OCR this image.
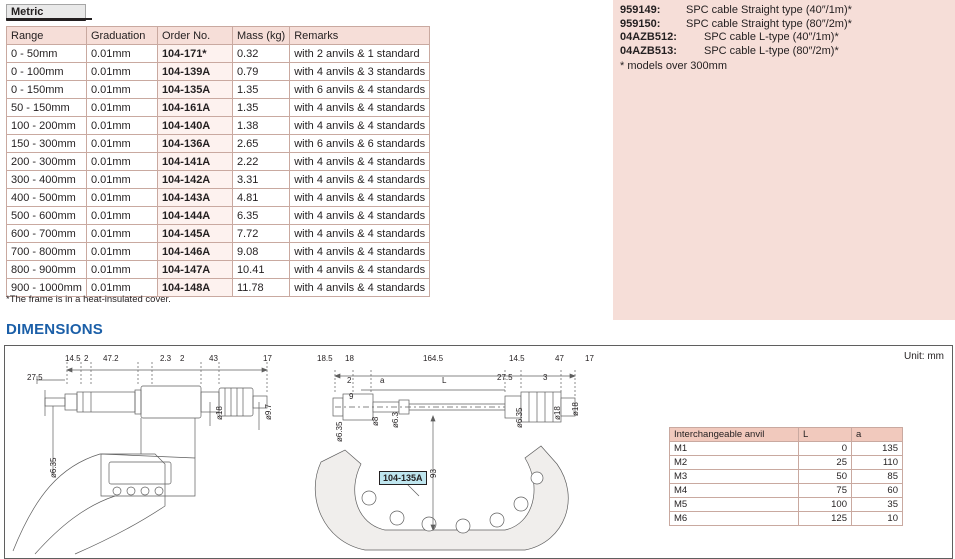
959149:	SPC cable Straight type (40″/1m)*
959150:	SPC cable Straight type (80″/2m)*
04AZB512:	SPC cable L-type (40″/1m)*
04AZB513:	SPC cable L-type (80″/2m)*
* models over 300mm
Metric
Range	Graduation	Order No.	Mass (kg)	Remarks
0 - 50mm	0.01mm	104-171*	0.32	with 2 anvils & 1 standard
0 - 100mm	0.01mm	104-139A	0.79	with 4 anvils & 3 standards
0 - 150mm	0.01mm	104-135A	1.35	with 6 anvils & 4 standards
50 - 150mm	0.01mm	104-161A	1.35	with 4 anvils & 4 standards
100 - 200mm	0.01mm	104-140A	1.38	with 4 anvils & 4 standards
150 - 300mm	0.01mm	104-136A	2.65	with 6 anvils & 6 standards
200 - 300mm	0.01mm	104-141A	2.22	with 4 anvils & 4 standards
300 - 400mm	0.01mm	104-142A	3.31	with 4 anvils & 4 standards
400 - 500mm	0.01mm	104-143A	4.81	with 4 anvils & 4 standards
500 - 600mm	0.01mm	104-144A	6.35	with 4 anvils & 4 standards
600 - 700mm	0.01mm	104-145A	7.72	with 4 anvils & 4 standards
700 - 800mm	0.01mm	104-146A	9.08	with 4 anvils & 4 standards
800 - 900mm	0.01mm	104-147A	10.41	with 4 anvils & 4 standards
900 - 1000mm	0.01mm	104-148A	11.78	with 4 anvils & 4 standards
*The frame is in a heat-insulated cover.
DIMENSIONS
Unit: mm
14.5 2 47.2	2.3 2	43	17
27.5
ø18	ø9.7
ø6.35
18.5 18	164.5	14.5	47	17
2	a	L	27.5	3
9
ø18
ø6.35
ø8 ø6.3	ø6.35
93
ø18
104-135A
Interchangeable anvil	L	a
M1	0	135
M2	25	110
M3	50	85
M4	75	60
M5	100	35
M6	125	10
